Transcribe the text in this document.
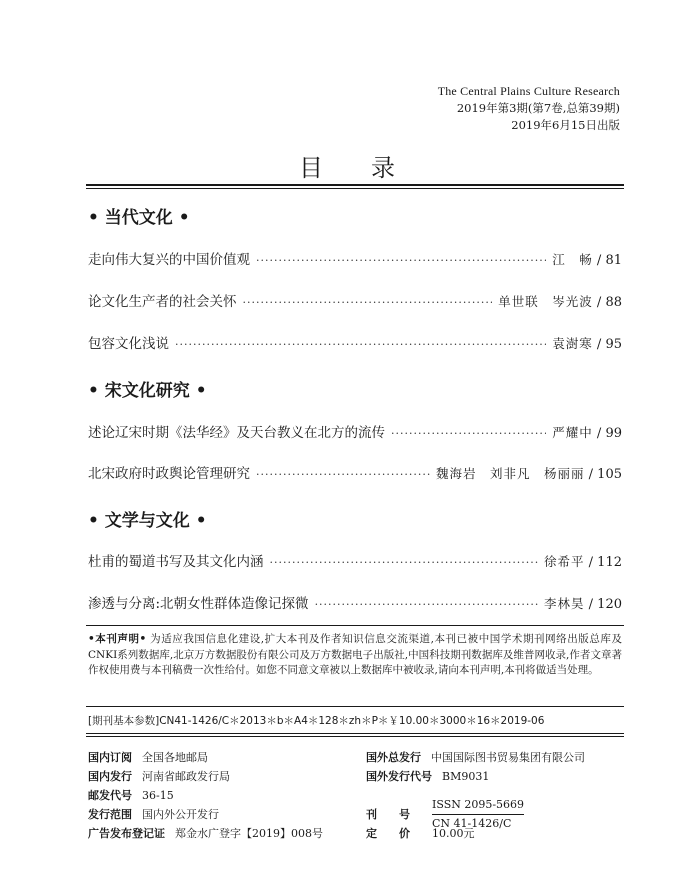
The Central Plains Culture Research
2019年第3期(第7卷,总第39期)
2019年6月15日出版
目 录
• 当代文化 •
走向伟大复兴的中国价值观 ·····	江　畅 / 81
论文化生产者的社会关怀 ·····	单世联　岑光波 / 88
包容文化浅说 ·····	袁澍寒 / 95
• 宋文化研究 •
述论辽宋时期《法华经》及天台教义在北方的流传 ·····	严耀中 / 99
北宋政府时政舆论管理研究 ·····	魏海岩　刘非凡　杨丽丽 / 105
• 文学与文化 •
杜甫的蜀道书写及其文化内涵 ·····	徐希平 / 112
渗透与分离:北朝女性群体造像记探微 ·····	李林昊 / 120
•本刊声明• 为适应我国信息化建设,扩大本刊及作者知识信息交流渠道,本刊已被中国学术期刊网络出版总库及CNKI系列数据库,北京万方数据股份有限公司及万方数据电子出版社,中国科技期刊数据库及维普网收录,作者文章著作权使用费与本刊稿费一次性给付。如您不同意文章被以上数据库中被收录,请向本刊声明,本刊将做适当处理。
[期刊基本参数]CN41-1426/C＊2013＊b＊A4＊128＊zh＊P＊￥10.00＊3000＊16＊2019-06
国内订阅 全国各地邮局
国内发行 河南省邮政发行局
邮发代号 36-15
发行范围 国内外公开发行
广告发布登记证 郑金水广登字【2019】008号
国外总发行 中国国际图书贸易集团有限公司
国外发行代号 BM9031
刊　　号
ISSN 2095-5669
CN 41-1426/C
定　　价	10.00元
